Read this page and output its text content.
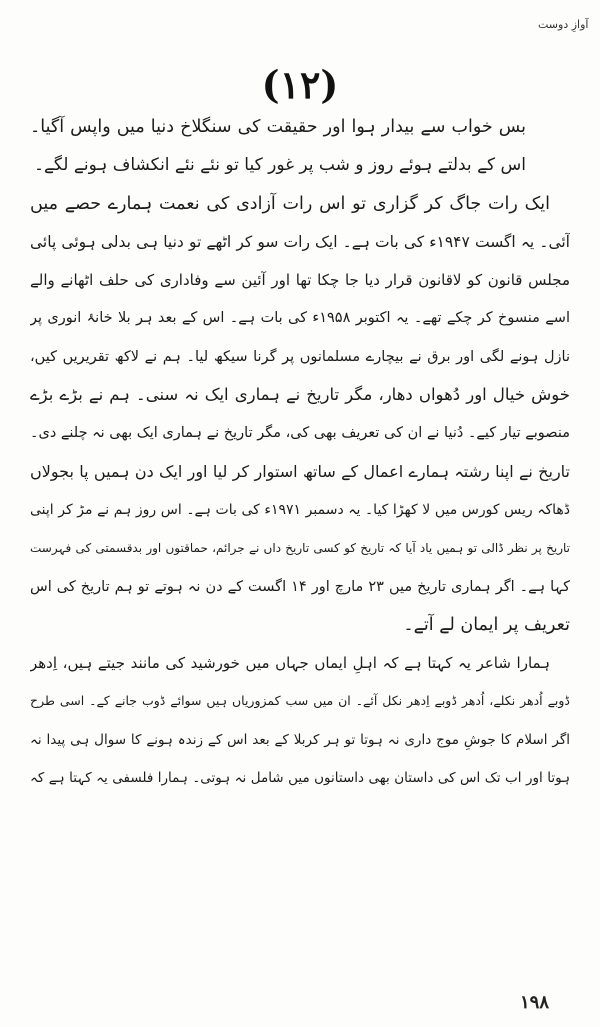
آوازِ دوست
(۱۲)
بس خواب سے بیدار ہوا اور حقیقت کی سنگلاخ دنیا میں واپس آگیا۔
اس کے بدلتے ہوئے روز و شب پر غور کیا تو نئے نئے انکشاف ہونے لگے۔
ایک رات جاگ کر گزاری تو اس رات آزادی کی نعمت ہمارے حصے میں
آئی۔ یہ اگست ۱۹۴۷ء کی بات ہے۔ ایک رات سو کر اٹھے تو دنیا ہی بدلی ہوئی پائی
مجلس قانون کو لاقانون قرار دیا جا چکا تھا اور آئین سے وفاداری کی حلف اٹھانے والے
اسے منسوخ کر چکے تھے۔ یہ اکتوبر ۱۹۵۸ء کی بات ہے۔ اس کے بعد ہر بلا خانۂ انوری پر
نازل ہونے لگی اور برق نے بیچارے مسلمانوں پر گرنا سیکھ لیا۔ ہم نے لاکھ تقریریں کیں،
خوش خیال اور دُھواں دھار، مگر تاریخ نے ہماری ایک نہ سنی۔ ہم نے بڑے بڑے
منصوبے تیار کیے۔ دُنیا نے ان کی تعریف بھی کی، مگر تاریخ نے ہماری ایک بھی نہ چلنے دی۔
تاریخ نے اپنا رشتہ ہمارے اعمال کے ساتھ استوار کر لیا اور ایک دن ہمیں پا بجولاں
ڈھاکہ ریس کورس میں لا کھڑا کیا۔ یہ دسمبر ۱۹۷۱ء کی بات ہے۔ اس روز ہم نے مڑ کر اپنی
تاریخ پر نظر ڈالی تو ہمیں یاد آیا کہ تاریخ کو کسی تاریخ داں نے جرائم، حماقتوں اور بدقسمتی کی فہرست
کہا ہے۔ اگر ہماری تاریخ میں ۲۳ مارچ اور ۱۴ اگست کے دن نہ ہوتے تو ہم تاریخ کی اس
تعریف پر ایمان لے آتے۔
ہمارا شاعر یہ کہتا ہے کہ اہلِ ایماں جہاں میں خورشید کی مانند جیتے ہیں، اِدھر
ڈوبے اُدھر نکلے، اُدھر ڈوبے اِدھر نکل آئے۔ ان میں سب کمزوریاں ہیں سوائے ڈوب جانے کے۔ اسی طرح
اگر اسلام کا جوشِ موج داری نہ ہوتا تو ہر کربلا کے بعد اس کے زندہ ہونے کا سوال ہی پیدا نہ
ہوتا اور اب تک اس کی داستان بھی داستانوں میں شامل نہ ہوتی۔ ہمارا فلسفی یہ کہتا ہے کہ
۱۹۸
